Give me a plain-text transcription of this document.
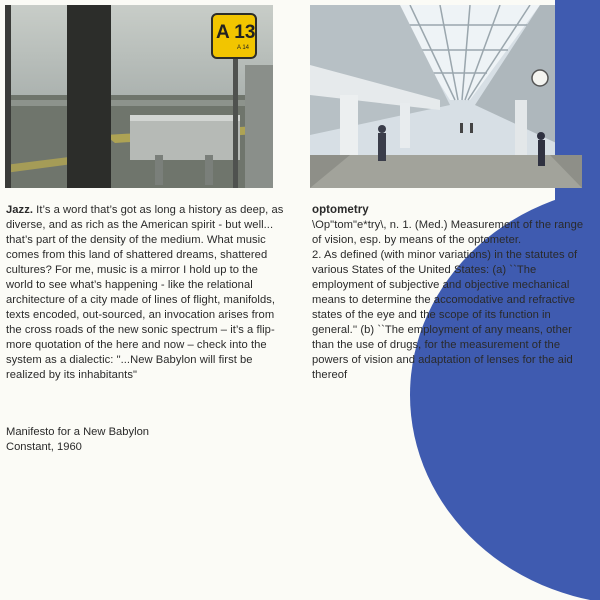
A 13
A 14

Jazz. It’s a word that’s got as long a history as deep, as diverse, and as rich as the American spirit - but well... that’s part of the density of the medium. What music comes from this land of shattered dreams, shattered cultures? For me, music is a mirror I hold up to the world to see what’s happening - like the relational architecture of a city made of lines of flight, manifolds, texts encoded, out-sourced, an invocation arises from the cross roads of the new sonic spectrum – it’s a flip-more quotation of the here and now – check into the system as a dialectic: "...New Babylon will first be realized by its inhabitants"

Manifesto for a New Babylon
Constant, 1960
optometry

\Op"tom"e*try\, n. 1. (Med.) Measurement of the range of vision, esp. by means of the optometer.
2. As defined (with minor variations) in the statutes of various States of the United States: (a) ``The employment of subjective and objective mechanical means to determine the accomodative and refractive states of the eye and the scope of its function in general.'' (b) ``The employment of any means, other than the use of drugs, for the measurement of the powers of vision and adaptation of lenses for the aid thereof
